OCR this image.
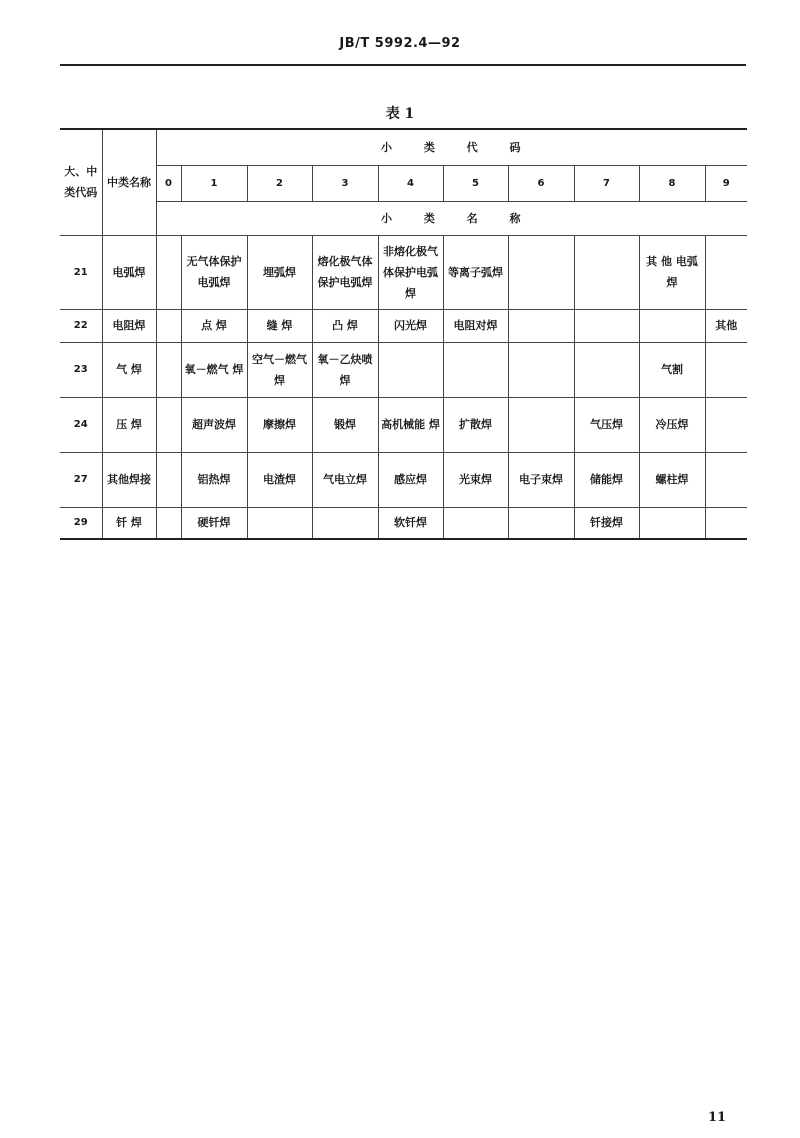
JB/T 5992.4—92
表 1
大、中类代码	中类名称	小 类 代 码									
		0	1	2	3	4	5	6	7	8	9
		小 类 名 称									
21	电弧焊		无气体保护电弧焊	埋弧焊	熔化极气体保护电弧焊	非熔化极气体保护电弧焊	等离子弧焊			其 他 电弧焊	
22	电阻焊		点 焊	缝 焊	凸 焊	闪光焊	电阻对焊				其他
23	气 焊		氧－燃气 焊	空气－燃气焊	氧－乙炔喷焊					气割	
24	压 焊		超声波焊	摩擦焊	锻焊	高机械能 焊	扩散焊		气压焊	冷压焊	
27	其他焊接		铝热焊	电渣焊	气电立焊	感应焊	光束焊	电子束焊	储能焊	螺柱焊	
29	钎 焊		硬钎焊			软钎焊			钎接焊		
11
